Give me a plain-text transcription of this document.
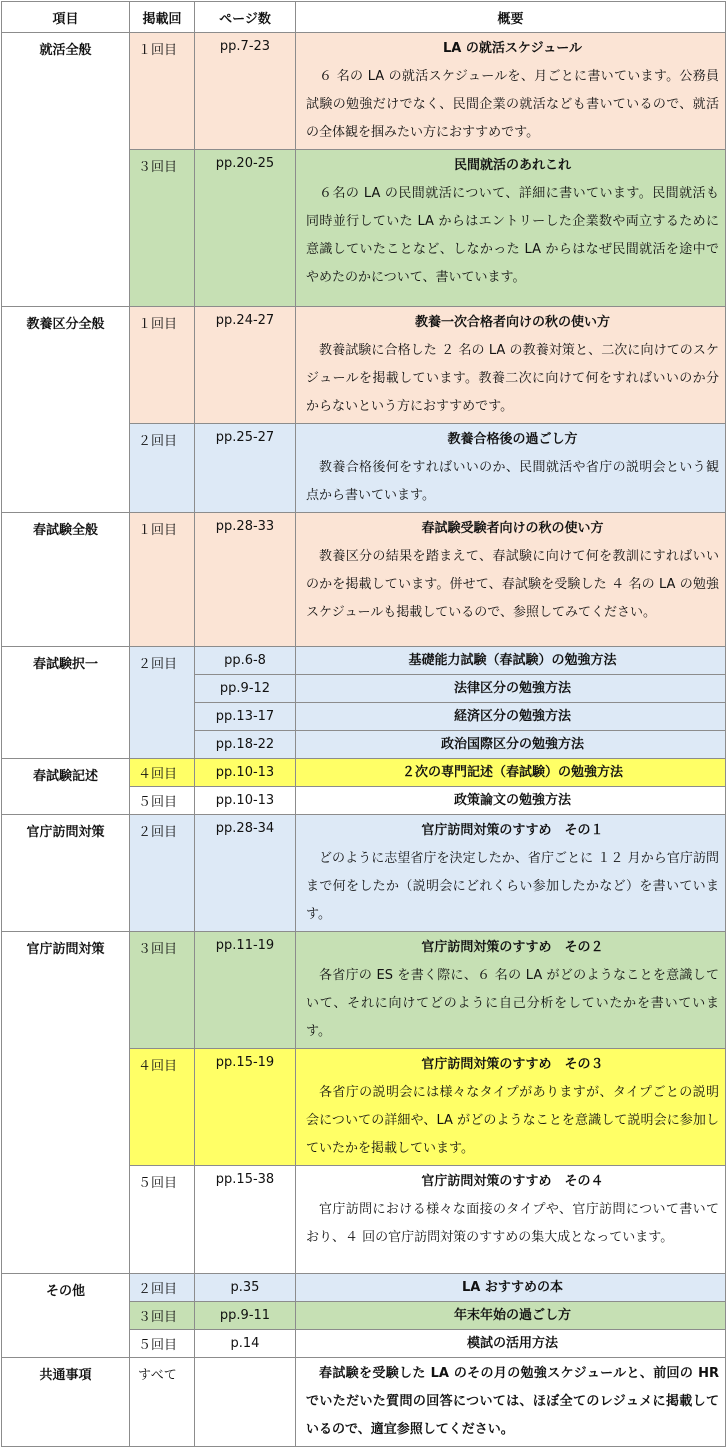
項目	掲載回	ページ数	概要
就活全般	１回目	pp.7-23	LA の就活スケジュール
６ 名の LA の就活スケジュールを、月ごとに書いています。公務員試験の勉強だけでなく、民間企業の就活なども書いているので、就活の全体観を掴みたい方におすすめです。

	３回目	pp.20-25	民間就活のあれこれ
６名の LA の民間就活について、詳細に書いています。民間就活も同時並行していた LA からはエントリーした企業数や両立するために意識していたことなど、しなかった LA からはなぜ民間就活を途中でやめたのかについて、書いています。

教養区分全般	１回目	pp.24-27	教養一次合格者向けの秋の使い方
教養試験に合格した ２ 名の LA の教養対策と、二次に向けてのスケジュールを掲載しています。教養二次に向けて何をすればいいのか分からないという方におすすめです。

	２回目	pp.25-27	教養合格後の過ごし方
教養合格後何をすればいいのか、民間就活や省庁の説明会という観点から書いています。

春試験全般	１回目	pp.28-33	春試験受験者向けの秋の使い方
教養区分の結果を踏まえて、春試験に向けて何を教訓にすればいいのかを掲載しています。併せて、春試験を受験した ４ 名の LA の勉強スケジュールも掲載しているので、参照してみてください。

春試験択一	２回目	pp.6-8	基礎能力試験（春試験）の勉強方法

		pp.9-12	法律区分の勉強方法

		pp.13-17	経済区分の勉強方法

		pp.18-22	政治国際区分の勉強方法

春試験記述	４回目	pp.10-13	２次の専門記述（春試験）の勉強方法

	５回目	pp.10-13	政策論文の勉強方法

官庁訪問対策	２回目	pp.28-34	官庁訪問対策のすすめ　その１
どのように志望省庁を決定したか、省庁ごとに １２ 月から官庁訪問まで何をしたか（説明会にどれくらい参加したかなど）を書いています。

官庁訪問対策	３回目	pp.11-19	官庁訪問対策のすすめ　その２
各省庁の ES を書く際に、６ 名の LA がどのようなことを意識していて、それに向けてどのように自己分析をしていたかを書いています。

	４回目	pp.15-19	官庁訪問対策のすすめ　その３
各省庁の説明会には様々なタイプがありますが、タイプごとの説明会についての詳細や、LA がどのようなことを意識して説明会に参加していたかを掲載しています。

	５回目	pp.15-38	官庁訪問対策のすすめ　その４
官庁訪問における様々な面接のタイプや、官庁訪問について書いており、４ 回の官庁訪問対策のすすめの集大成となっています。

その他	２回目	p.35	LA おすすめの本

	３回目	pp.9-11	年末年始の過ごし方

	５回目	p.14	模試の活用方法

共通事項	すべて		春試験を受験した LA のその月の勉強スケジュールと、前回の HR でいただいた質問の回答については、ほぼ全てのレジュメに掲載しているので、適宜参照してください。
